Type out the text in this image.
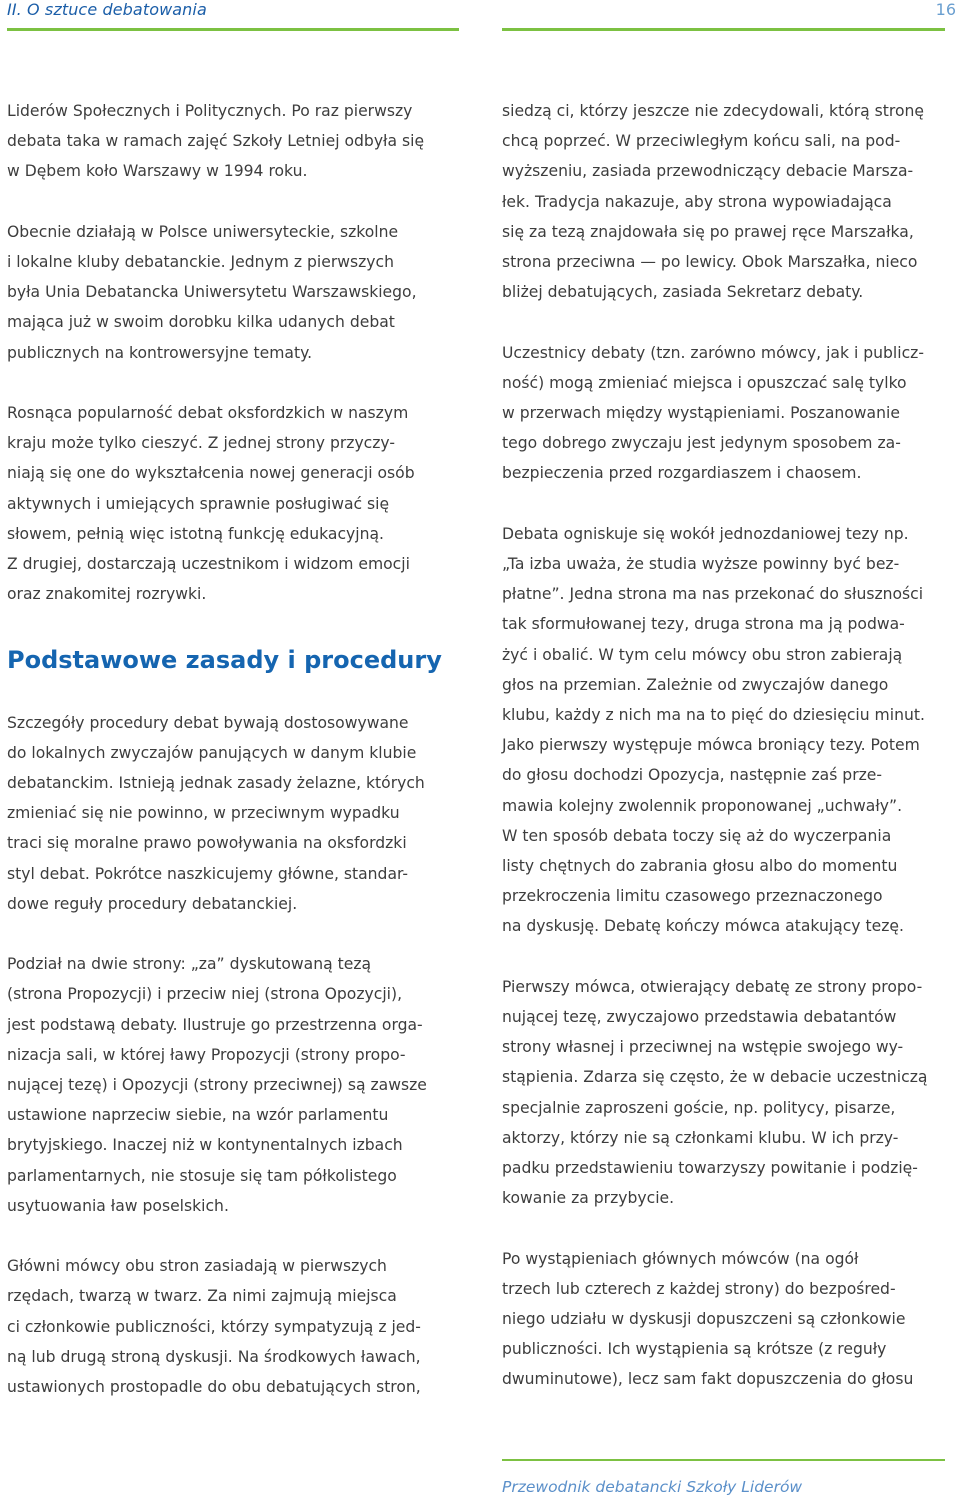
II. O sztuce debatowania	16

Liderów Społecznych i Politycznych. Po raz pierwszy
debata taka w ramach zajęć Szkoły Letniej odbyła się
w Dębem koło Warszawy w 1994 roku.

Obecnie działają w Polsce uniwersyteckie, szkolne
i lokalne kluby debatanckie. Jednym z pierwszych
była Unia Debatancka Uniwersytetu Warszawskiego,
mająca już w swoim dorobku kilka udanych debat
publicznych na kontrowersyjne tematy.

Rosnąca popularność debat oksfordzkich w naszym
kraju może tylko cieszyć. Z jednej strony przyczy-
niają się one do wykształcenia nowej generacji osób
aktywnych i umiejących sprawnie posługiwać się
słowem, pełnią więc istotną funkcję edukacyjną.
Z drugiej, dostarczają uczestnikom i widzom emocji
oraz znakomitej rozrywki.

Podstawowe zasady i procedury

Szczegóły procedury debat bywają dostosowywane
do lokalnych zwyczajów panujących w danym klubie
debatanckim. Istnieją jednak zasady żelazne, których
zmieniać się nie powinno, w przeciwnym wypadku
traci się moralne prawo powoływania na oksfordzki
styl debat. Pokrótce naszkicujemy główne, standar-
dowe reguły procedury debatanckiej.

Podział na dwie strony: „za” dyskutowaną tezą
(strona Propozycji) i przeciw niej (strona Opozycji),
jest podstawą debaty. Ilustruje go przestrzenna orga-
nizacja sali, w której ławy Propozycji (strony propo-
nującej tezę) i Opozycji (strony przeciwnej) są zawsze
ustawione naprzeciw siebie, na wzór parlamentu
brytyjskiego. Inaczej niż w kontynentalnych izbach
parlamentarnych, nie stosuje się tam półkolistego
usytuowania ław poselskich.

Główni mówcy obu stron zasiadają w pierwszych
rzędach, twarzą w twarz. Za nimi zajmują miejsca
ci członkowie publiczności, którzy sympatyzują z jed-
ną lub drugą stroną dyskusji. Na środkowych ławach,
ustawionych prostopadle do obu debatujących stron,

siedzą ci, którzy jeszcze nie zdecydowali, którą stronę
chcą poprzeć. W przeciwległym końcu sali, na pod-
wyższeniu, zasiada przewodniczący debacie Marsza-
łek. Tradycja nakazuje, aby strona wypowiadająca
się za tezą znajdowała się po prawej ręce Marszałka,
strona przeciwna — po lewicy. Obok Marszałka, nieco
bliżej debatujących, zasiada Sekretarz debaty.

Uczestnicy debaty (tzn. zarówno mówcy, jak i publicz-
ność) mogą zmieniać miejsca i opuszczać salę tylko
w przerwach między wystąpieniami. Poszanowanie
tego dobrego zwyczaju jest jedynym sposobem za-
bezpieczenia przed rozgardiaszem i chaosem.

Debata ogniskuje się wokół jednozdaniowej tezy np.
„Ta izba uważa, że studia wyższe powinny być bez-
płatne”. Jedna strona ma nas przekonać do słuszności
tak sformułowanej tezy, druga strona ma ją podwa-
żyć i obalić. W tym celu mówcy obu stron zabierają
głos na przemian. Zależnie od zwyczajów danego
klubu, każdy z nich ma na to pięć do dziesięciu minut.
Jako pierwszy występuje mówca broniący tezy. Potem
do głosu dochodzi Opozycja, następnie zaś prze-
mawia kolejny zwolennik proponowanej „uchwały”.
W ten sposób debata toczy się aż do wyczerpania
listy chętnych do zabrania głosu albo do momentu
przekroczenia limitu czasowego przeznaczonego
na dyskusję. Debatę kończy mówca atakujący tezę.

Pierwszy mówca, otwierający debatę ze strony propo-
nującej tezę, zwyczajowo przedstawia debatantów
strony własnej i przeciwnej na wstępie swojego wy-
stąpienia. Zdarza się często, że w debacie uczestniczą
specjalnie zaproszeni goście, np. politycy, pisarze,
aktorzy, którzy nie są członkami klubu. W ich przy-
padku przedstawieniu towarzyszy powitanie i podzię-
kowanie za przybycie.

Po wystąpieniach głównych mówców (na ogół
trzech lub czterech z każdej strony) do bezpośred-
niego udziału w dyskusji dopuszczeni są członkowie
publiczności. Ich wystąpienia są krótsze (z reguły
dwuminutowe), lecz sam fakt dopuszczenia do głosu

Przewodnik debatancki Szkoły Liderów
